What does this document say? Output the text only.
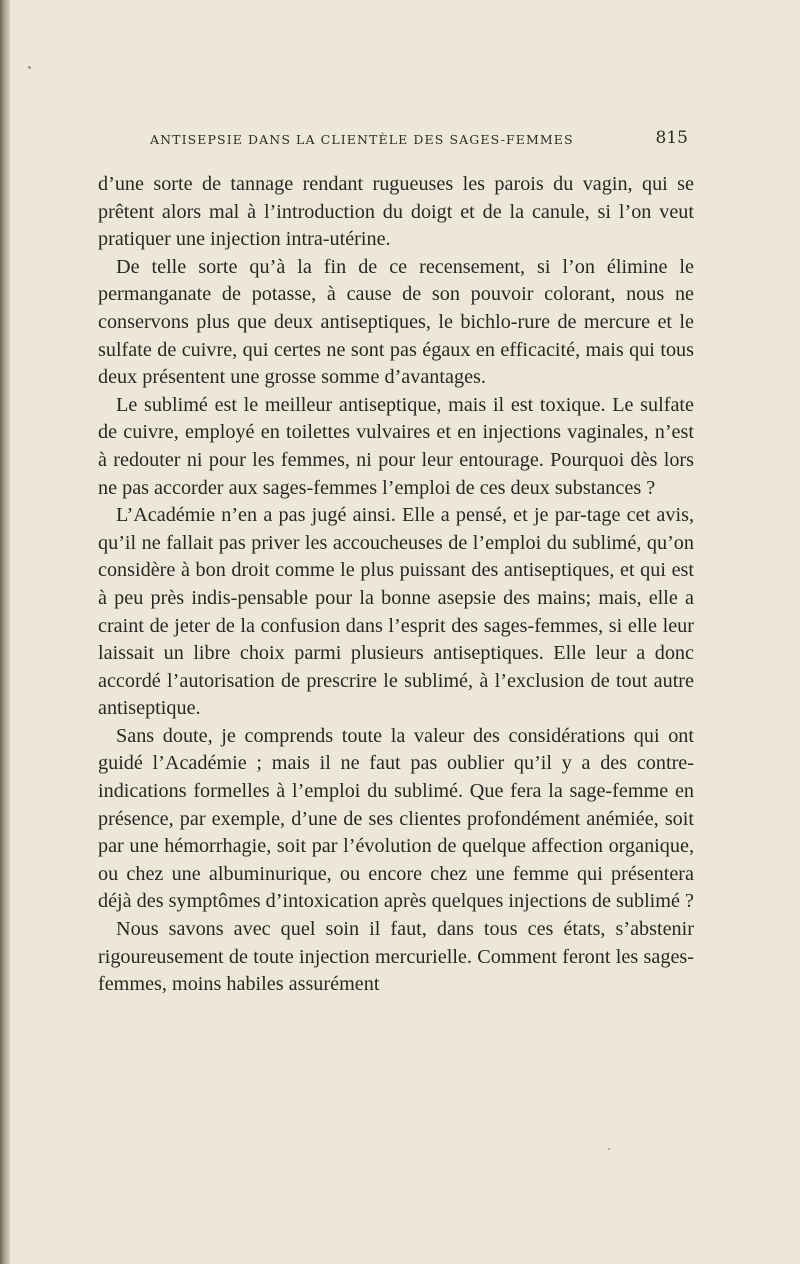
ANTISEPSIE DANS LA CLIENTÈLE DES SAGES-FEMMES	815

d’une sorte de tannage rendant rugueuses les parois du vagin, qui se prêtent alors mal à l’introduction du doigt et de la canule, si l’on veut pratiquer une injection intra-utérine.

De telle sorte qu’à la fin de ce recensement, si l’on élimine le permanganate de potasse, à cause de son pouvoir colorant, nous ne conservons plus que deux antiseptiques, le bichlo-rure de mercure et le sulfate de cuivre, qui certes ne sont pas égaux en efficacité, mais qui tous deux présentent une grosse somme d’avantages.

Le sublimé est le meilleur antiseptique, mais il est toxique. Le sulfate de cuivre, employé en toilettes vulvaires et en injections vaginales, n’est à redouter ni pour les femmes, ni pour leur entourage. Pourquoi dès lors ne pas accorder aux sages-femmes l’emploi de ces deux substances ?

L’Académie n’en a pas jugé ainsi. Elle a pensé, et je par-tage cet avis, qu’il ne fallait pas priver les accoucheuses de l’emploi du sublimé, qu’on considère à bon droit comme le plus puissant des antiseptiques, et qui est à peu près indis-pensable pour la bonne asepsie des mains; mais, elle a craint de jeter de la confusion dans l’esprit des sages-femmes, si elle leur laissait un libre choix parmi plusieurs antiseptiques. Elle leur a donc accordé l’autorisation de prescrire le sublimé, à l’exclusion de tout autre antiseptique.

Sans doute, je comprends toute la valeur des considérations qui ont guidé l’Académie ; mais il ne faut pas oublier qu’il y a des contre-indications formelles à l’emploi du sublimé. Que fera la sage-femme en présence, par exemple, d’une de ses clientes profondément anémiée, soit par une hémorrhagie, soit par l’évolution de quelque affection organique, ou chez une albuminurique, ou encore chez une femme qui présentera déjà des symptômes d’intoxication après quelques injections de sublimé ?

Nous savons avec quel soin il faut, dans tous ces états, s’abstenir rigoureusement de toute injection mercurielle. Comment feront les sages-femmes, moins habiles assurément
